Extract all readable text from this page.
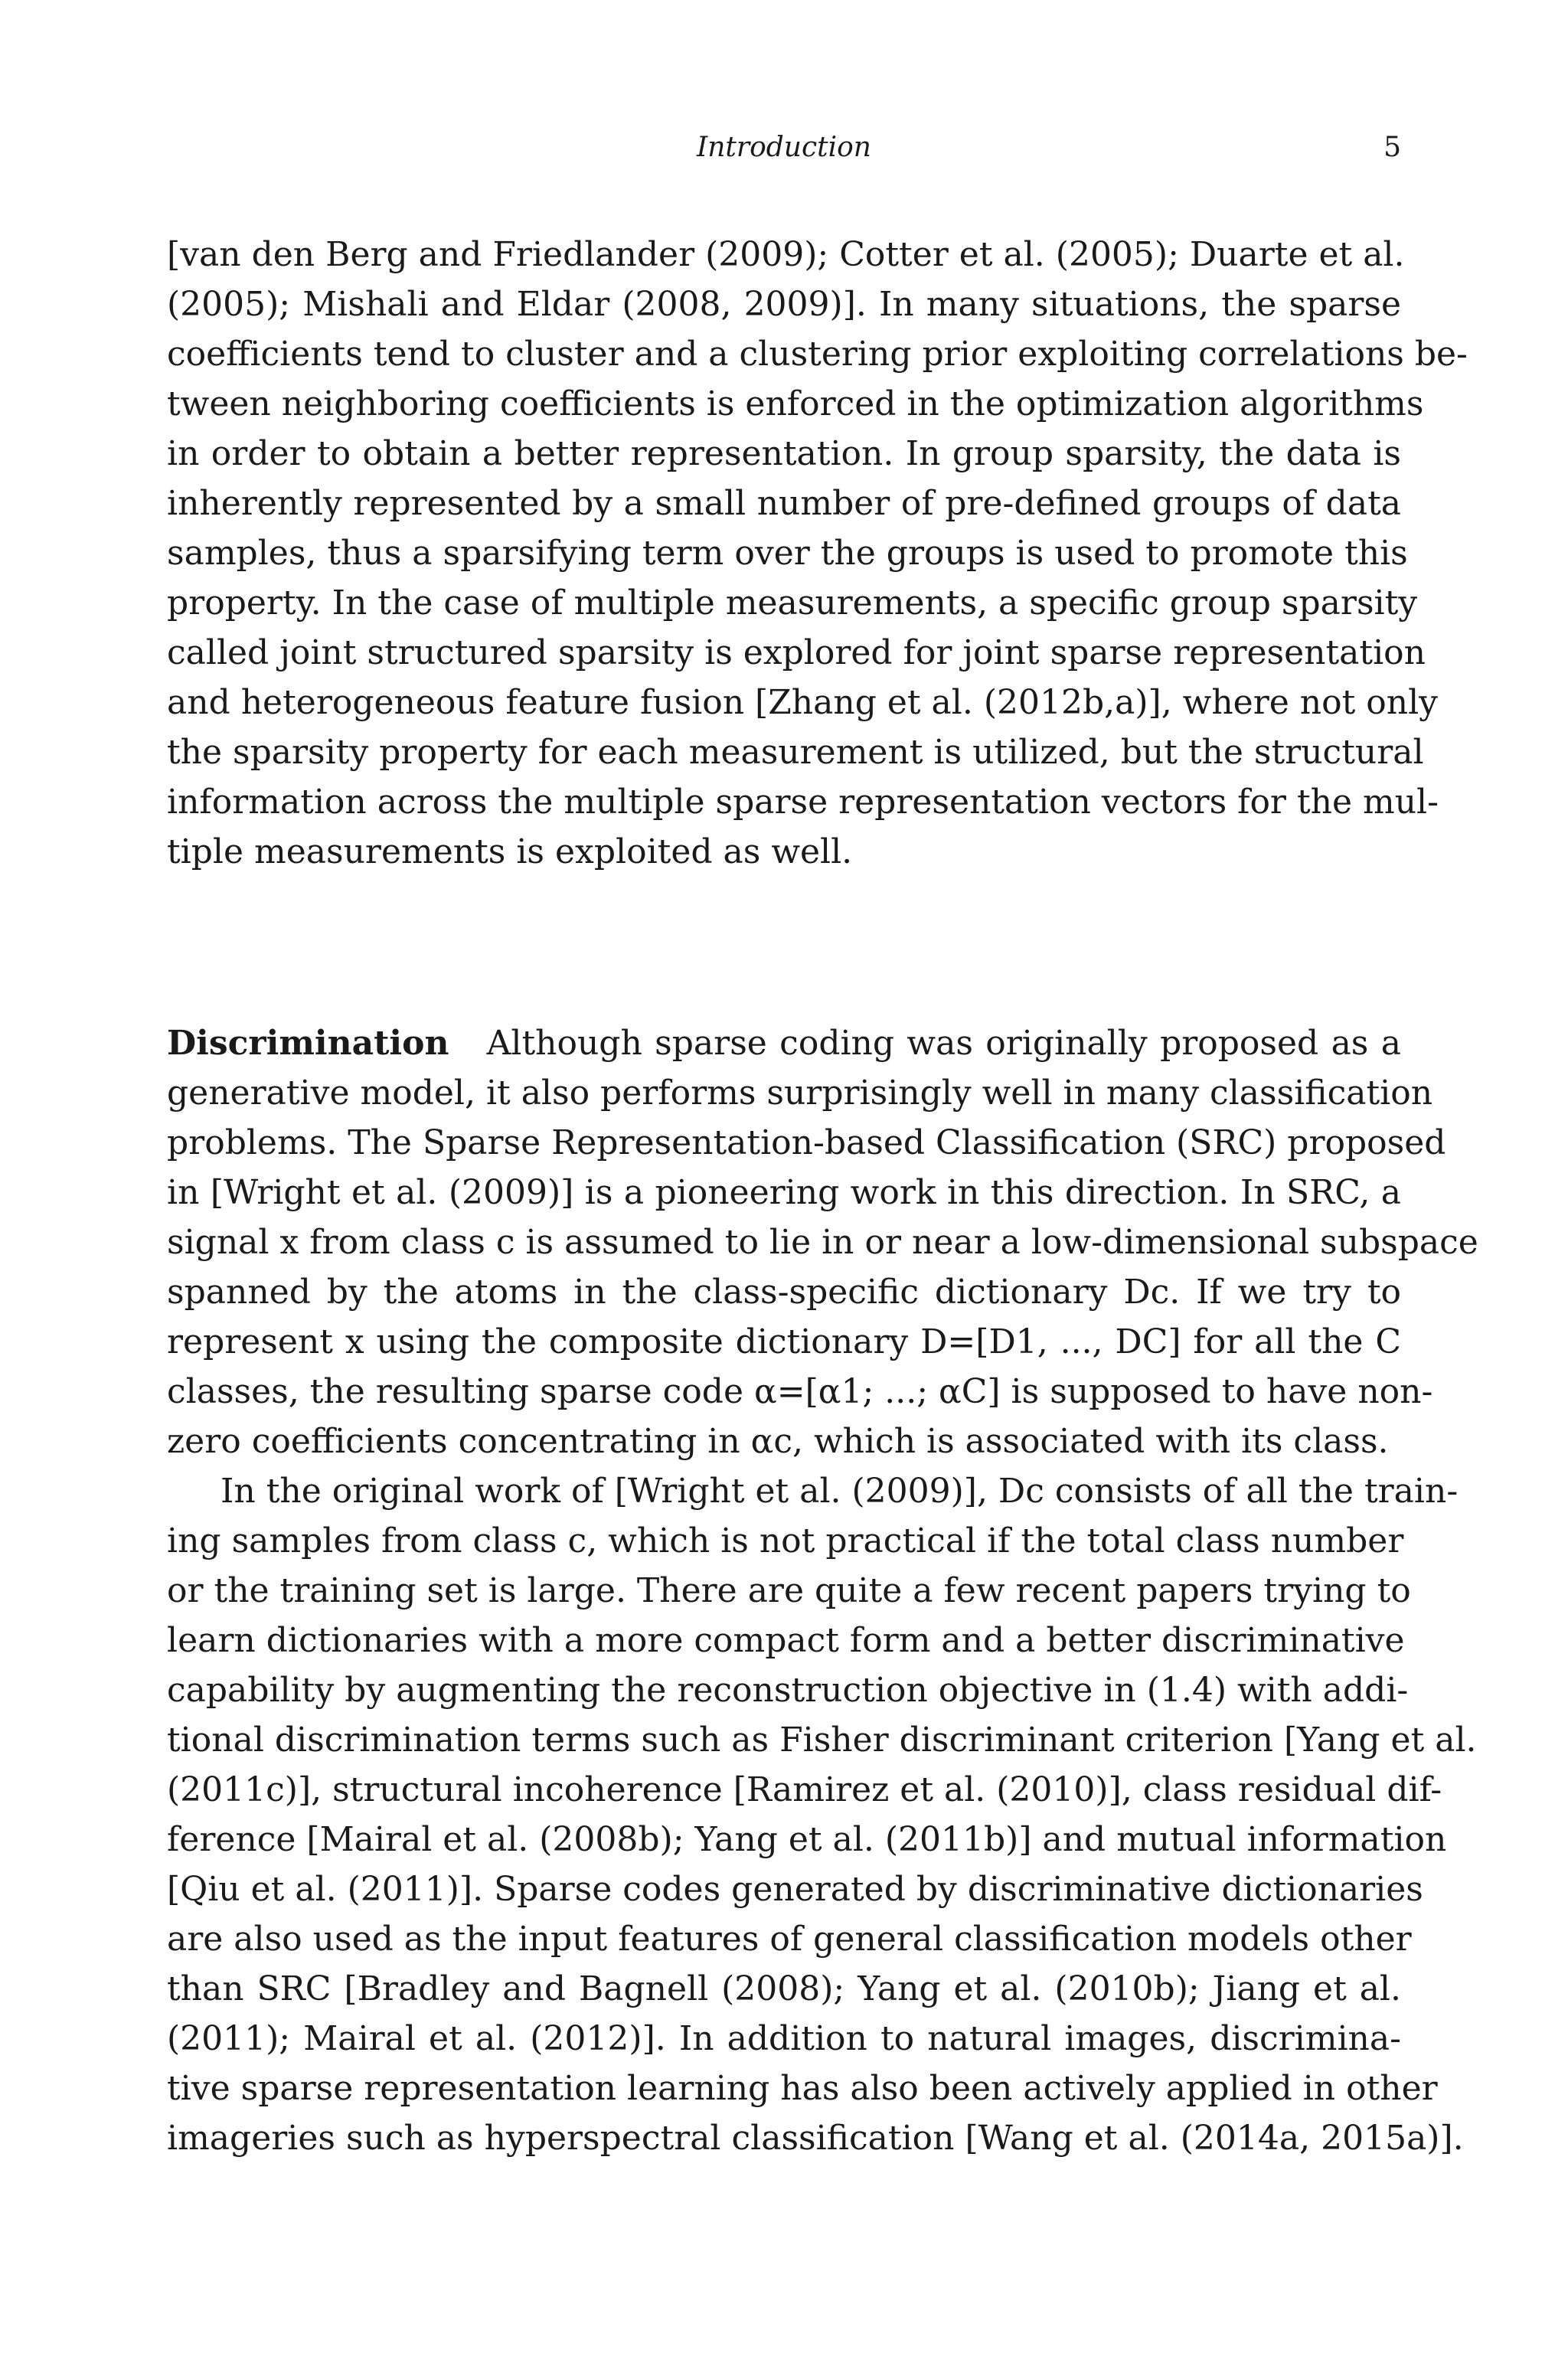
Introduction	5
[van den Berg and Friedlander (2009); Cotter et al. (2005); Duarte et al.
(2005); Mishali and Eldar (2008, 2009)]. In many situations, the sparse
coefficients tend to cluster and a clustering prior exploiting correlations be-
tween neighboring coefficients is enforced in the optimization algorithms
in order to obtain a better representation. In group sparsity, the data is
inherently represented by a small number of pre-defined groups of data
samples, thus a sparsifying term over the groups is used to promote this
property. In the case of multiple measurements, a specific group sparsity
called joint structured sparsity is explored for joint sparse representation
and heterogeneous feature fusion [Zhang et al. (2012b,a)], where not only
the sparsity property for each measurement is utilized, but the structural
information across the multiple sparse representation vectors for the mul-
tiple measurements is exploited as well.
Discrimination Although sparse coding was originally proposed as a
generative model, it also performs surprisingly well in many classification
problems. The Sparse Representation-based Classification (SRC) proposed
in [Wright et al. (2009)] is a pioneering work in this direction. In SRC, a
signal x from class c is assumed to lie in or near a low-dimensional subspace
spanned by the atoms in the class-specific dictionary Dc. If we try to
represent x using the composite dictionary D=[D1, ..., DC] for all the C
classes, the resulting sparse code α=[α1; ...; αC] is supposed to have non-
zero coefficients concentrating in αc, which is associated with its class.
In the original work of [Wright et al. (2009)], Dc consists of all the train-
ing samples from class c, which is not practical if the total class number
or the training set is large. There are quite a few recent papers trying to
learn dictionaries with a more compact form and a better discriminative
capability by augmenting the reconstruction objective in (1.4) with addi-
tional discrimination terms such as Fisher discriminant criterion [Yang et al.
(2011c)], structural incoherence [Ramirez et al. (2010)], class residual dif-
ference [Mairal et al. (2008b); Yang et al. (2011b)] and mutual information
[Qiu et al. (2011)]. Sparse codes generated by discriminative dictionaries
are also used as the input features of general classification models other
than SRC [Bradley and Bagnell (2008); Yang et al. (2010b); Jiang et al.
(2011); Mairal et al. (2012)]. In addition to natural images, discrimina-
tive sparse representation learning has also been actively applied in other
imageries such as hyperspectral classification [Wang et al. (2014a, 2015a)].
